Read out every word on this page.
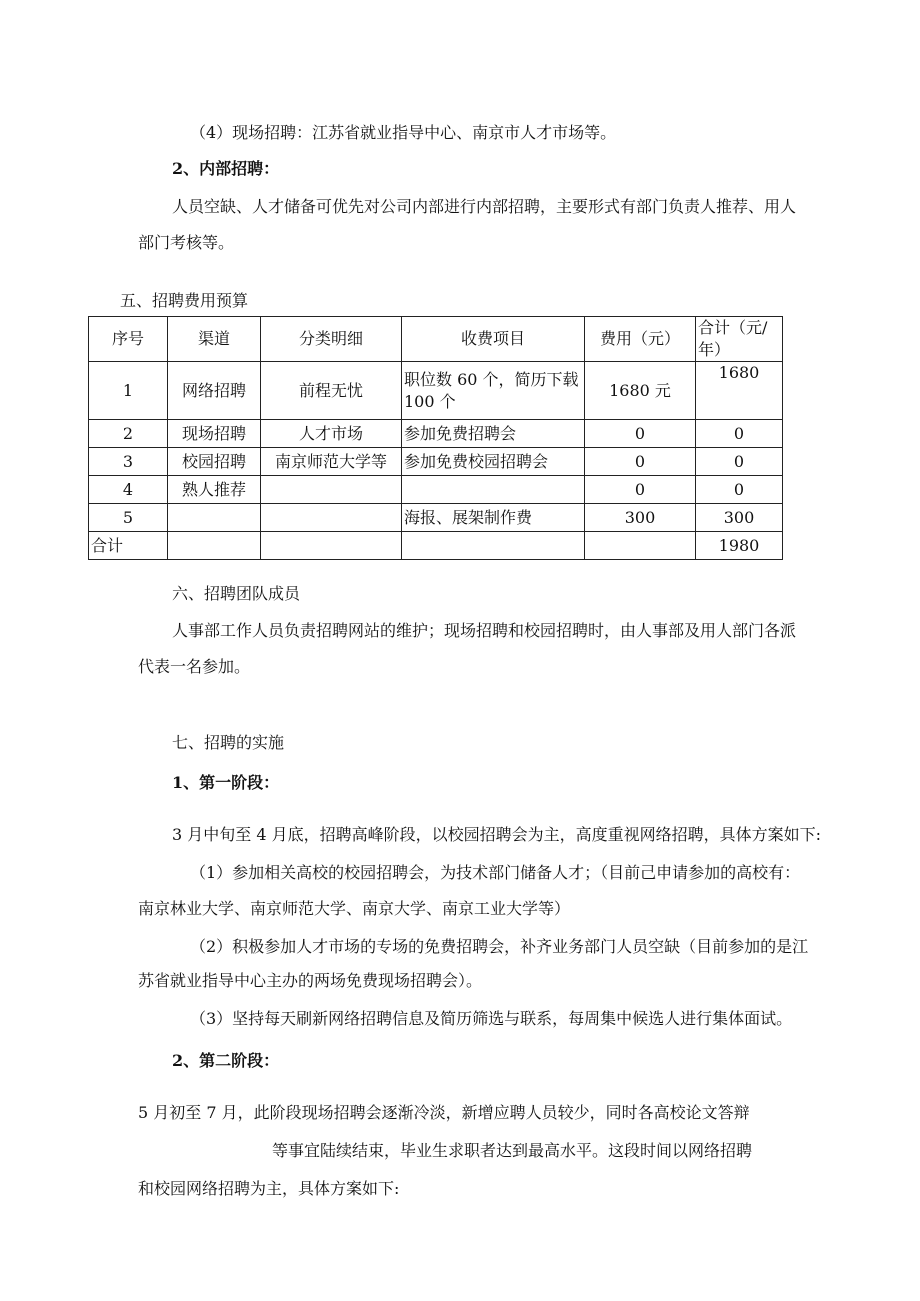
（4）现场招聘：江苏省就业指导中心、南京市人才市场等。
2、内部招聘：
人员空缺、人才储备可优先对公司内部进行内部招聘，主要形式有部门负责人推荐、用人
部门考核等。
五、招聘费用预算
序号	渠道	分类明细	收费项目	费用（元）	合计（元/年）
1	网络招聘	前程无忧	职位数 60 个，简历下载 100 个	1680 元	1680
2	现场招聘	人才市场	参加免费招聘会	0	0
3	校园招聘	南京师范大学等	参加免费校园招聘会	0	0
4	熟人推荐			0	0
5			海报、展架制作费	300	300
合计					1980
六、招聘团队成员
人事部工作人员负责招聘网站的维护；现场招聘和校园招聘时，由人事部及用人部门各派
代表一名参加。
七、招聘的实施
1、第一阶段：
3 月中旬至 4 月底，招聘高峰阶段，以校园招聘会为主，高度重视网络招聘，具体方案如下:
（1）参加相关高校的校园招聘会，为技术部门储备人才；（目前己申请参加的高校有：
南京林业大学、南京师范大学、南京大学、南京工业大学等）
（2）积极参加人才市场的专场的免费招聘会，补齐业务部门人员空缺（目前参加的是江
苏省就业指导中心主办的两场免费现场招聘会）。
（3）坚持每天刷新网络招聘信息及简历筛选与联系，每周集中候选人进行集体面试。
2、第二阶段：
5 月初至 7 月，此阶段现场招聘会逐渐冷淡，新增应聘人员较少，同时各高校论文答辩
等事宜陆续结束，毕业生求职者达到最高水平。这段时间以网络招聘
和校园网络招聘为主，具体方案如下:
